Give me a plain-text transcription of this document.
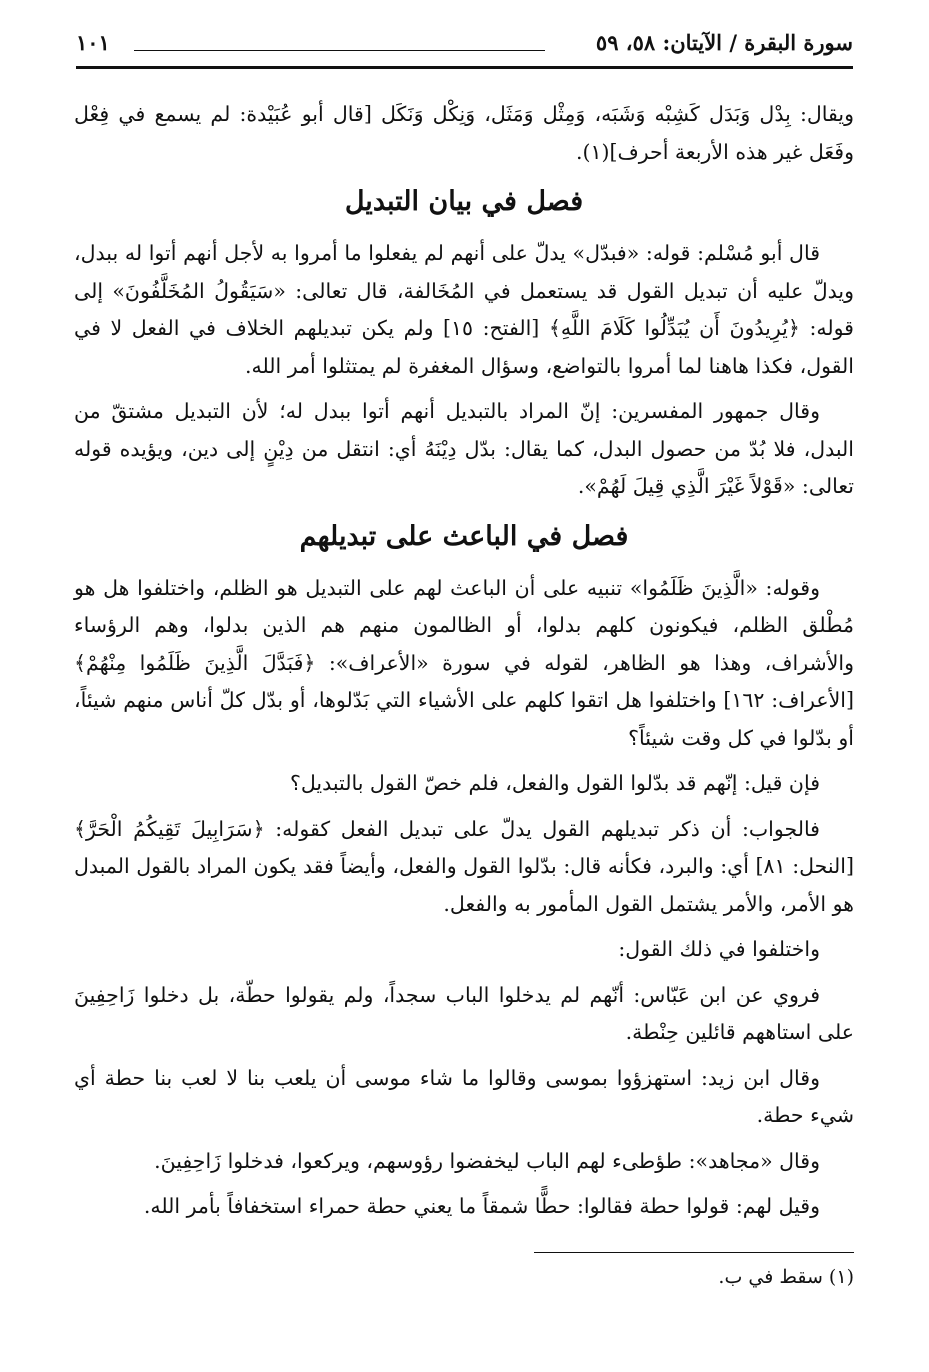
سورة البقرة / الآيتان: ٥٨، ٥٩
١٠١

ويقال: بِدْل وَبَدَل كَشِبْه وَشَبَه، وَمِثْل وَمَثَل، وَنِكْل وَنَكَل [قال أبو عُبَيْدة: لم يسمع في فِعْل وفَعَل غير هذه الأربعة أحرف](١).

فصل في بيان التبديل

قال أبو مُسْلم: قوله: «فبدّل» يدلّ على أنهم لم يفعلوا ما أمروا به لأجل أنهم أتوا له ببدل، ويدلّ عليه أن تبديل القول قد يستعمل في المُخَالفة، قال تعالى: «سَيَقُولُ المُخَلَّفُونَ» إلى قوله: ﴿يُرِيدُونَ أَن يُبَدِّلُوا كَلَامَ اللَّهِ﴾ [الفتح: ١٥] ولم يكن تبديلهم الخلاف في الفعل لا في القول، فكذا هاهنا لما أمروا بالتواضع، وسؤال المغفرة لم يمتثلوا أمر الله.

وقال جمهور المفسرين: إنّ المراد بالتبديل أنهم أتوا ببدل له؛ لأن التبديل مشتقّ من البدل، فلا بُدّ من حصول البدل، كما يقال: بدّل دِيْنَهُ أي: انتقل من دِيْنٍ إلى دين، ويؤيده قوله تعالى: «قَوْلاً غَيْرَ الَّذِي قِيلَ لَهُمْ».

فصل في الباعث على تبديلهم

وقوله: «الَّذِينَ ظَلَمُوا» تنبيه على أن الباعث لهم على التبديل هو الظلم، واختلفوا هل هو مُطْلق الظلم، فيكونون كلهم بدلوا، أو الظالمون منهم هم الذين بدلوا، وهم الرؤساء والأشراف، وهذا هو الظاهر، لقوله في سورة «الأعراف»: ﴿فَبَدَّلَ الَّذِينَ ظَلَمُوا مِنْهُمْ﴾ [الأعراف: ١٦٢] واختلفوا هل اتقوا كلهم على الأشياء التي بَدّلوها، أو بدّل كلّ أناس منهم شيئاً، أو بدّلوا في كل وقت شيئاً؟

فإن قيل: إنّهم قد بدّلوا القول والفعل، فلم خصّ القول بالتبديل؟

فالجواب: أن ذكر تبديلهم القول يدلّ على تبديل الفعل كقوله: ﴿سَرَابِيلَ تَقِيكُمُ الْحَرَّ﴾ [النحل: ٨١] أي: والبرد، فكأنه قال: بدّلوا القول والفعل، وأيضاً فقد يكون المراد بالقول المبدل هو الأمر، والأمر يشتمل القول المأمور به والفعل.

واختلفوا في ذلك القول:

فروي عن ابن عَبّاس: أنّهم لم يدخلوا الباب سجداً، ولم يقولوا حطّة، بل دخلوا زَاحِفِينَ على استاههم قائلين حِنْطة.

وقال ابن زيد: استهزؤوا بموسى وقالوا ما شاء موسى أن يلعب بنا لا لعب بنا حطة أي شيء حطة.

وقال «مجاهد»: طؤطىء لهم الباب ليخفضوا رؤوسهم، ويركعوا، فدخلوا زَاحِفِينَ.

وقيل لهم: قولوا حطة فقالوا: حطًّا شمقاً ما يعني حطة حمراء استخفافاً بأمر الله.

(١) سقط في ب.
